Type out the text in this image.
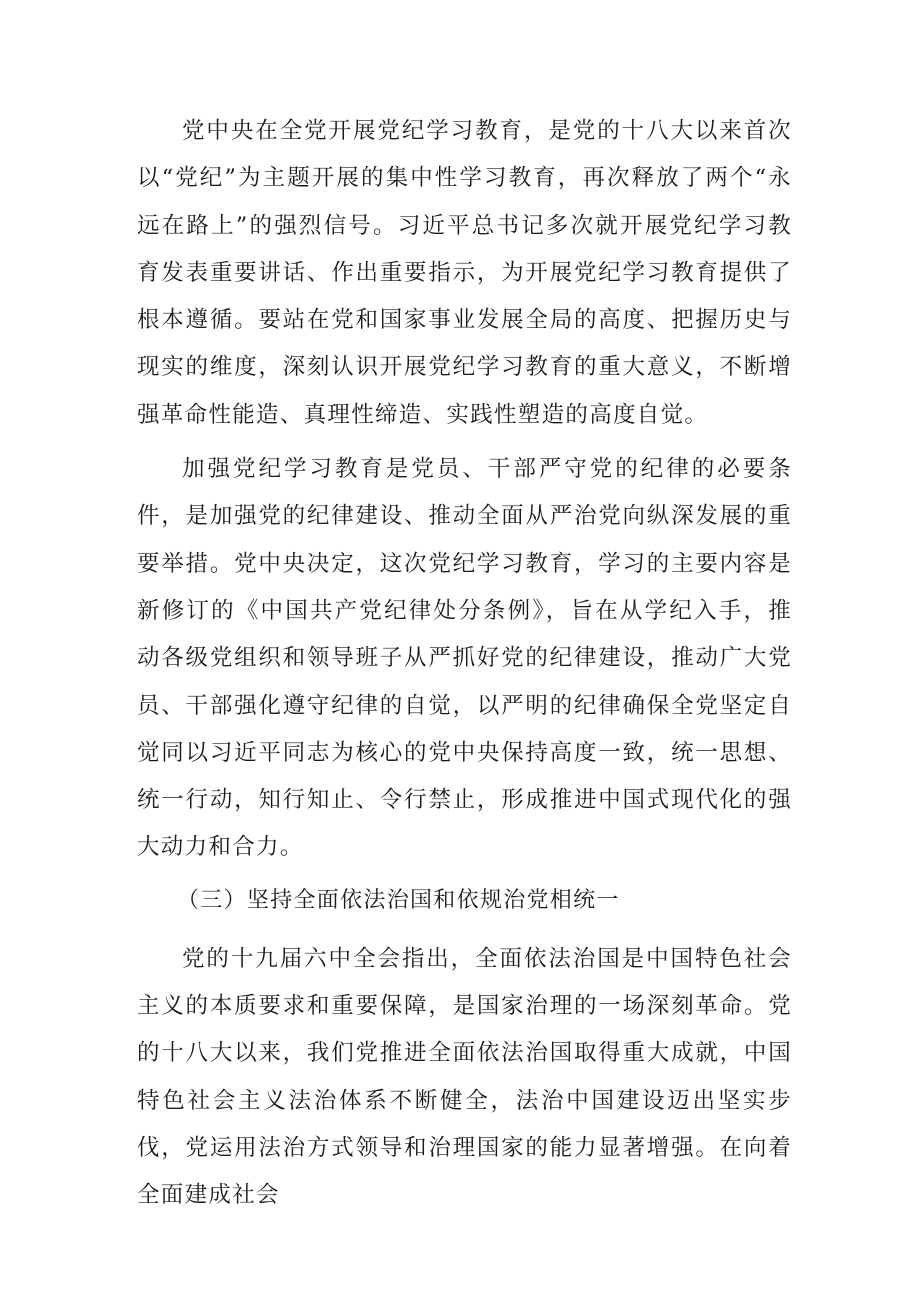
党中央在全党开展党纪学习教育，是党的十八大以来首次以“党纪”为主题开展的集中性学习教育，再次释放了两个“永远在路上”的强烈信号。习近平总书记多次就开展党纪学习教育发表重要讲话、作出重要指示，为开展党纪学习教育提供了根本遵循。要站在党和国家事业发展全局的高度、把握历史与现实的维度，深刻认识开展党纪学习教育的重大意义，不断增强革命性能造、真理性缔造、实践性塑造的高度自觉。

加强党纪学习教育是党员、干部严守党的纪律的必要条件，是加强党的纪律建设、推动全面从严治党向纵深发展的重要举措。党中央决定，这次党纪学习教育，学习的主要内容是新修订的《中国共产党纪律处分条例》，旨在从学纪入手，推动各级党组织和领导班子从严抓好党的纪律建设，推动广大党员、干部强化遵守纪律的自觉，以严明的纪律确保全党坚定自觉同以习近平同志为核心的党中央保持高度一致，统一思想、统一行动，知行知止、令行禁止，形成推进中国式现代化的强大动力和合力。

（三）坚持全面依法治国和依规治党相统一

党的十九届六中全会指出，全面依法治国是中国特色社会主义的本质要求和重要保障，是国家治理的一场深刻革命。党的十八大以来，我们党推进全面依法治国取得重大成就，中国特色社会主义法治体系不断健全，法治中国建设迈出坚实步伐，党运用法治方式领导和治理国家的能力显著增强。在向着全面建成社会
